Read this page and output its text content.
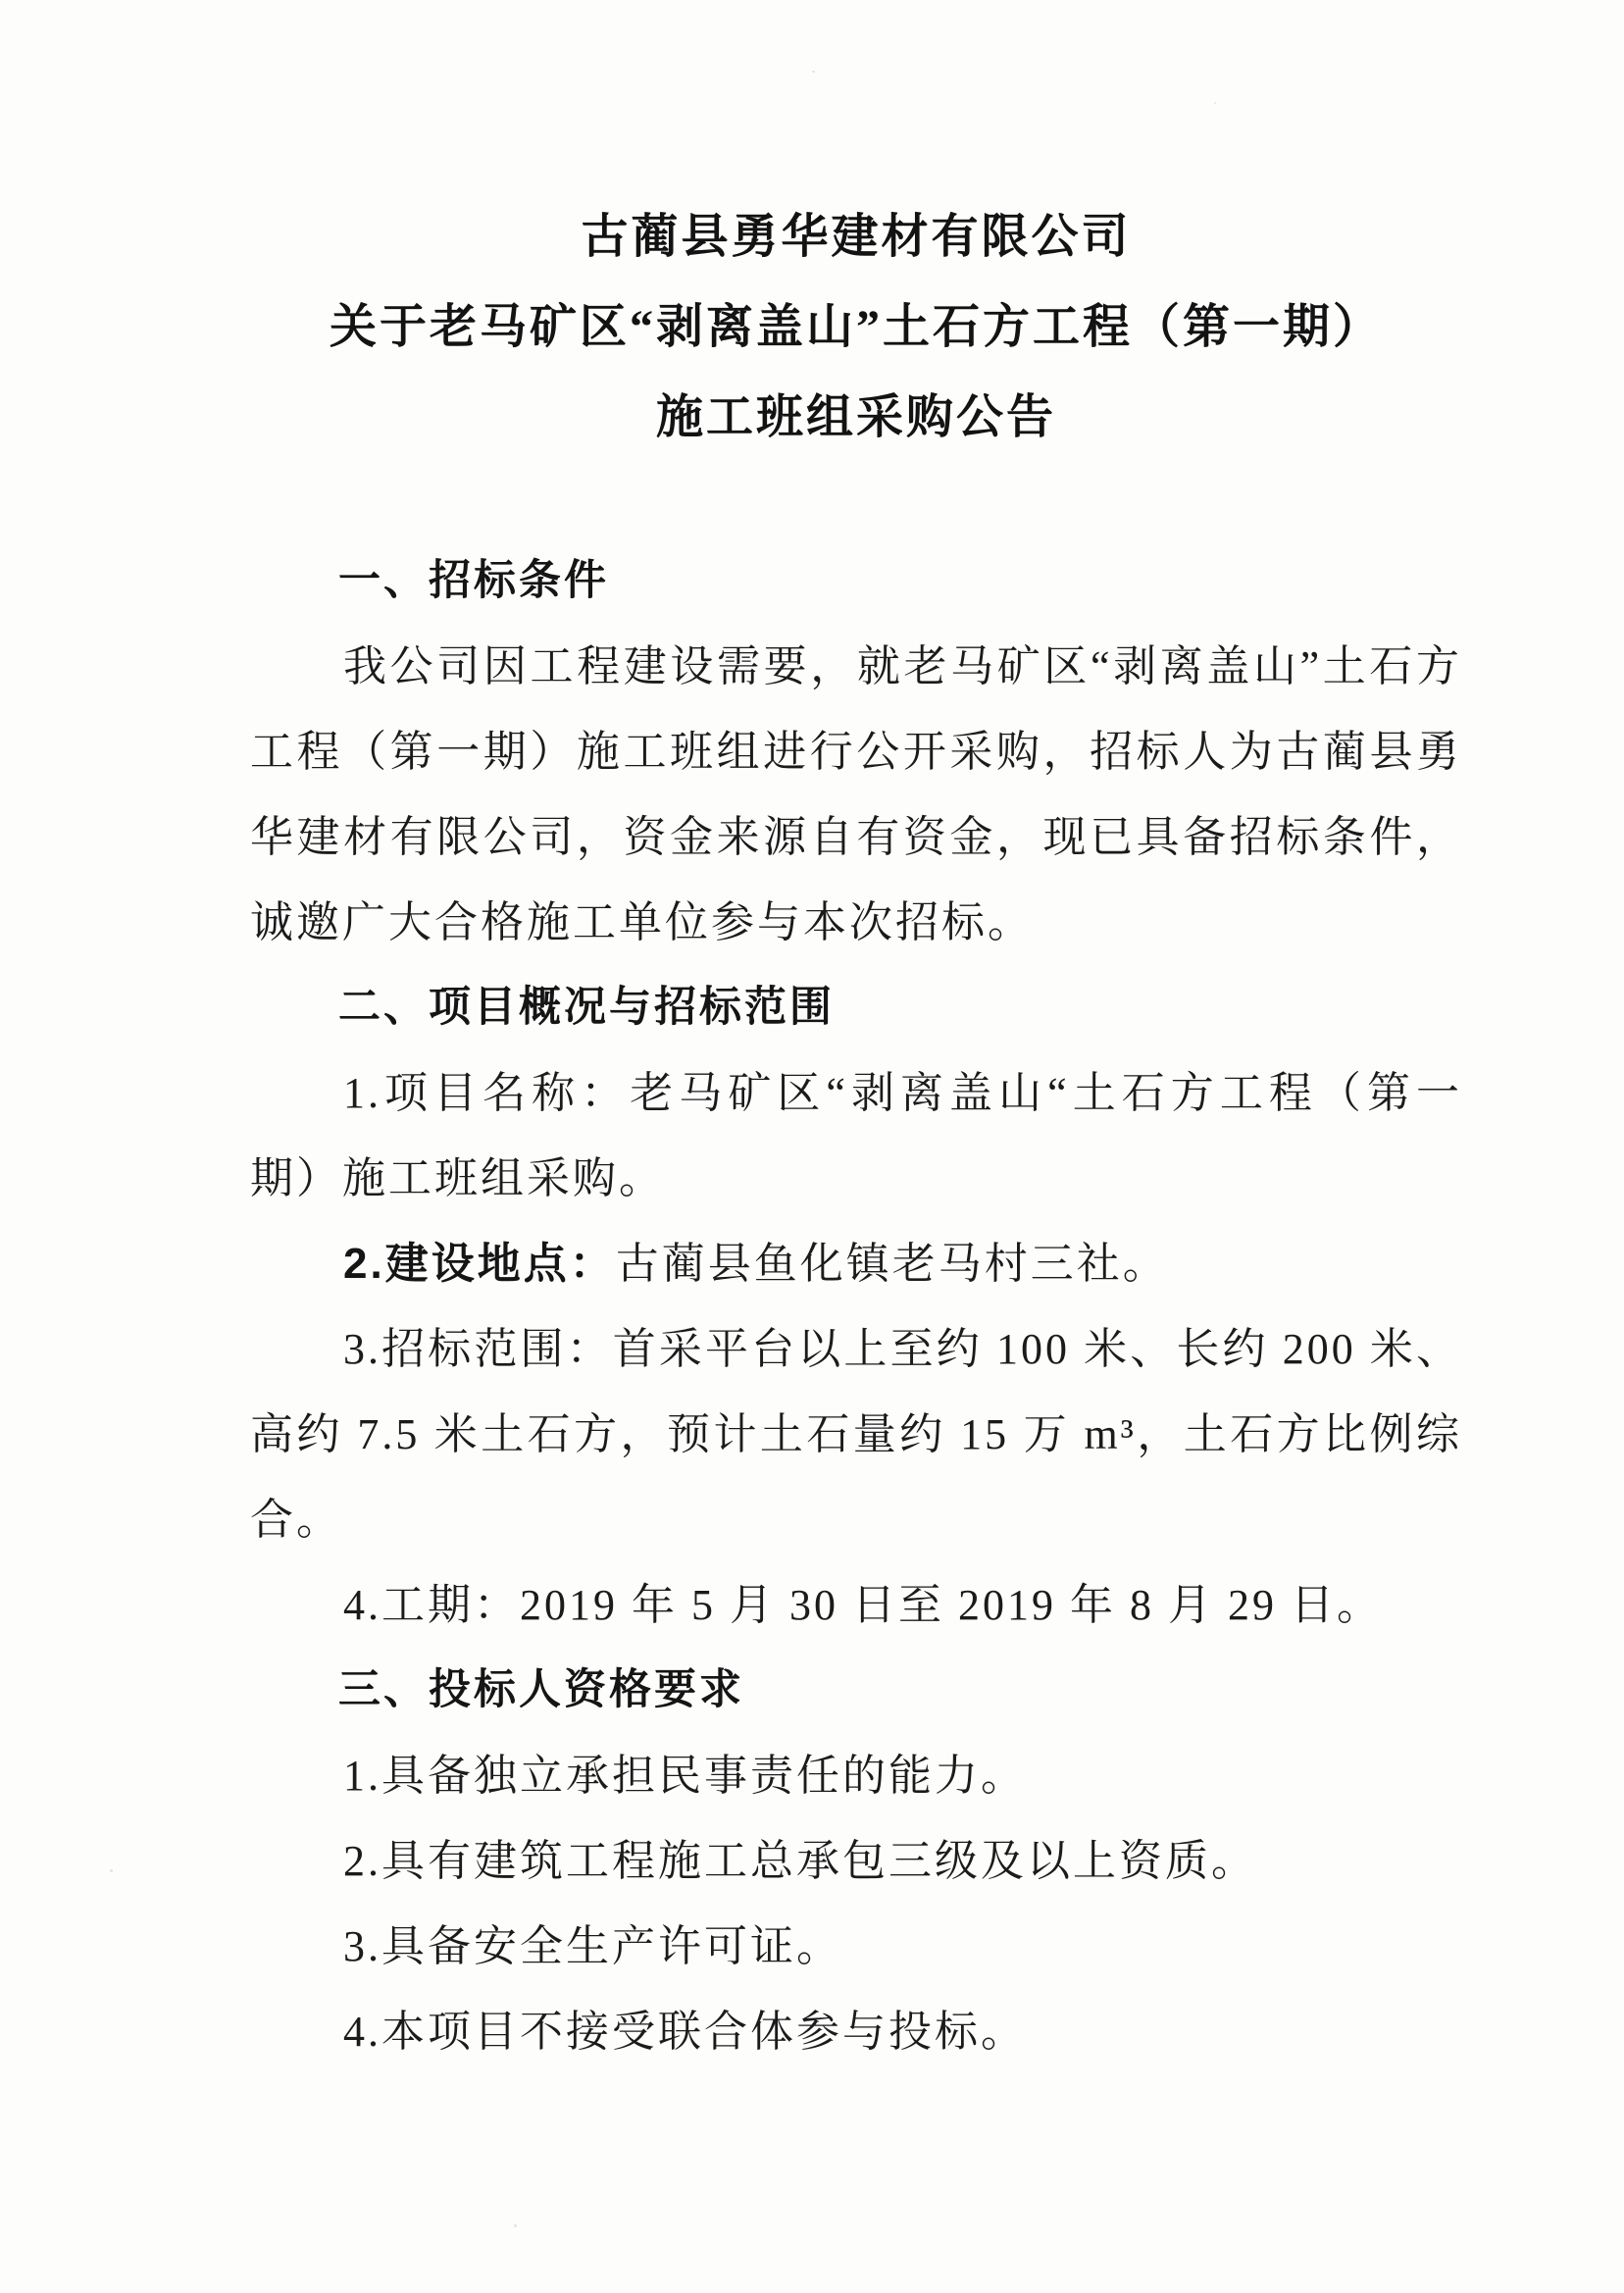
古蔺县勇华建材有限公司
关于老马矿区“剥离盖山”土石方工程（第一期）
施工班组采购公告
一、招标条件

我公司因工程建设需要，就老马矿区“剥离盖山”土石方工程（第一期）施工班组进行公开采购，招标人为古蔺县勇华建材有限公司，资金来源自有资金，现已具备招标条件，诚邀广大合格施工单位参与本次招标。

二、项目概况与招标范围

1.项目名称：老马矿区“剥离盖山“土石方工程（第一期）施工班组采购。

2.建设地点：古蔺县鱼化镇老马村三社。

3.招标范围：首采平台以上至约 100 米、长约 200 米、高约 7.5 米土石方，预计土石量约 15 万 m³，土石方比例综合。

4.工期：2019 年 5 月 30 日至 2019 年 8 月 29 日。

三、投标人资格要求

1.具备独立承担民事责任的能力。

2.具有建筑工程施工总承包三级及以上资质。

3.具备安全生产许可证。

4.本项目不接受联合体参与投标。
